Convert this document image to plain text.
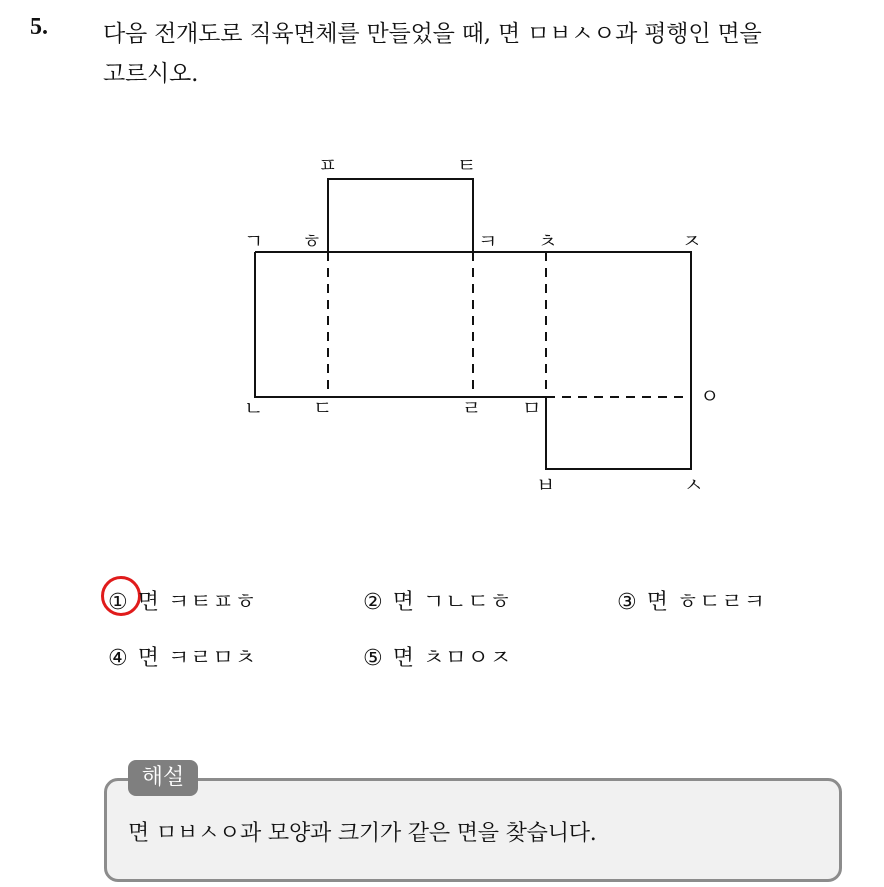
5. 다음 전개도로 직육면체를 만들었을 때, 면 ㅁㅂㅅㅇ과 평행인 면을
고르시오.
ㅍ	ㅌ
ㄱ ㅎ	ㅋ ㅊ	ㅈ
ㄴ ㄷ	ㄹ ㅁ	ㅇ
ㅂ	ㅅ
① 면 ㅋㅌㅍㅎ	② 면 ㄱㄴㄷㅎ	③ 면 ㅎㄷㄹㅋ
④ 면 ㅋㄹㅁㅊ	⑤ 면 ㅊㅁㅇㅈ
해설
면 ㅁㅂㅅㅇ과 모양과 크기가 같은 면을 찾습니다.
